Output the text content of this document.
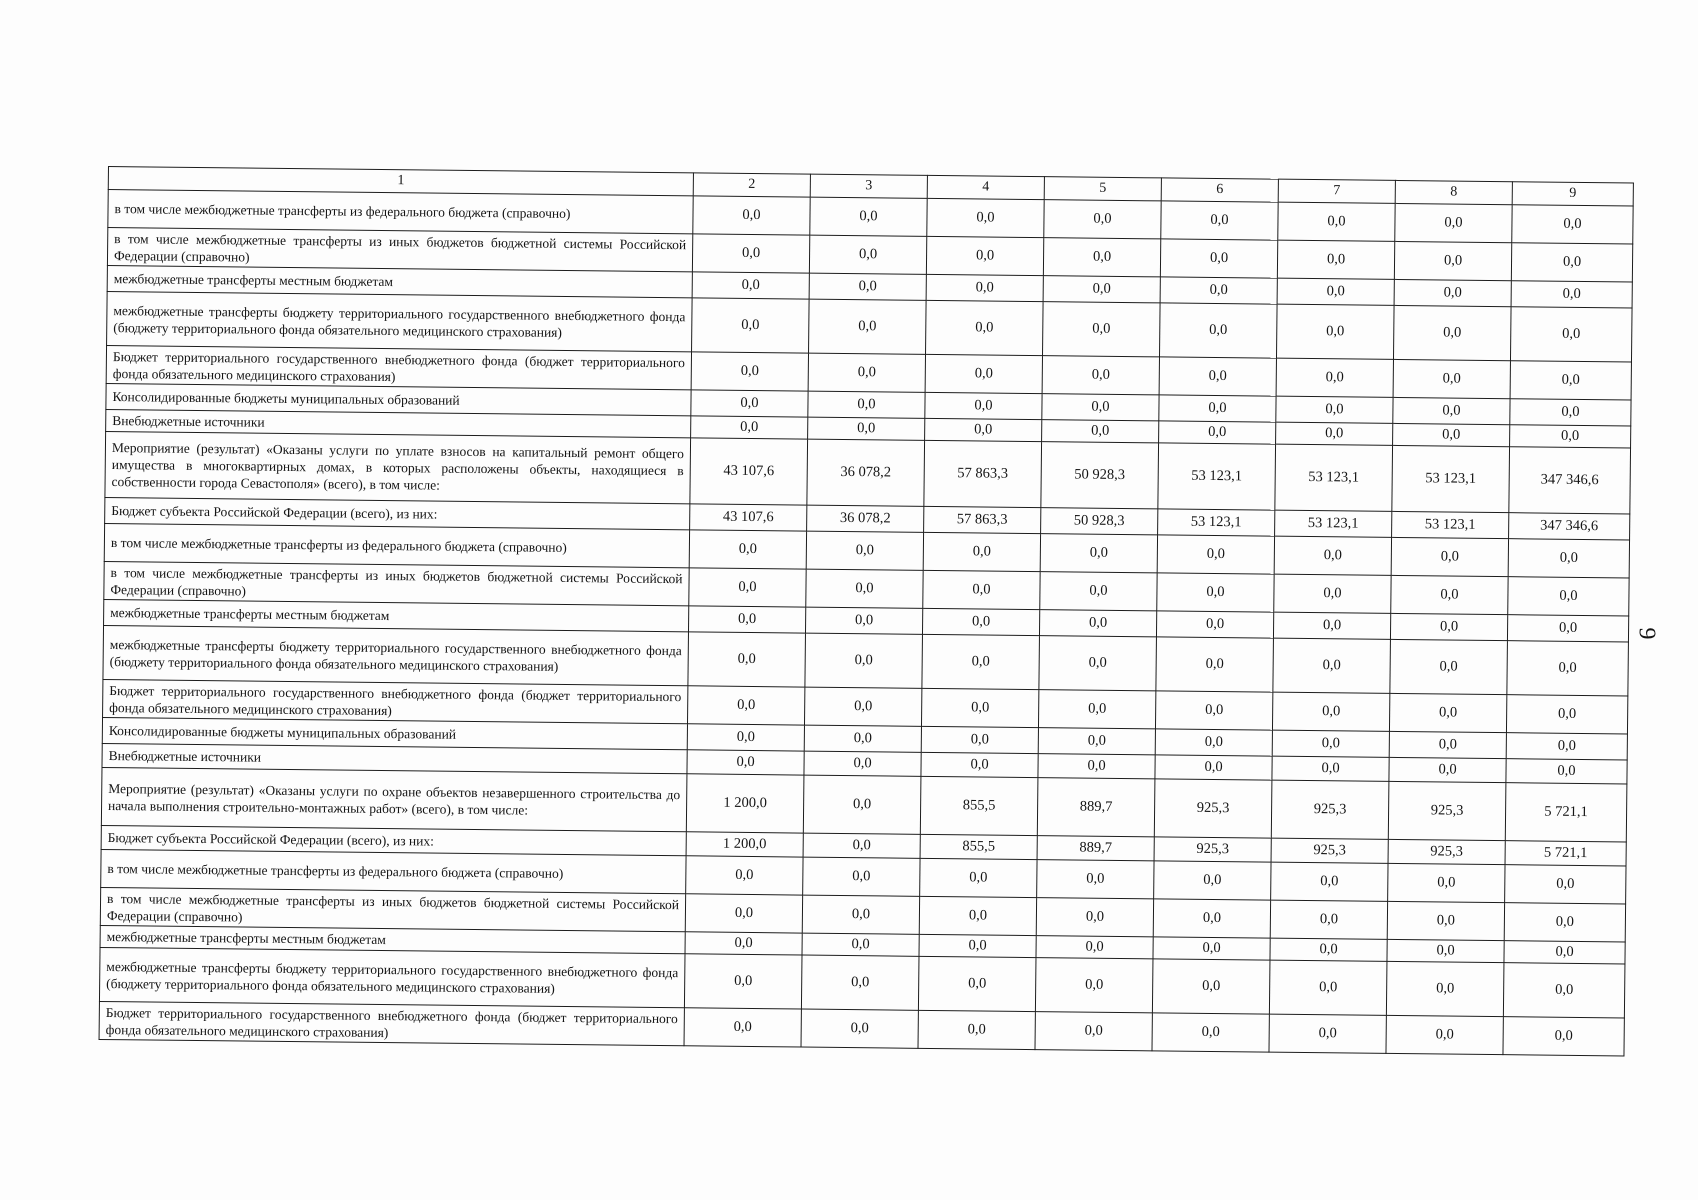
1	2	3	4	5	6	7	8	9
в том числе межбюджетные трансферты из федерального бюджета (справочно)	0,0	0,0	0,0	0,0	0,0	0,0	0,0	0,0
в том числе межбюджетные трансферты из иных бюджетов бюджетной системы Российской Федерации (справочно)	0,0	0,0	0,0	0,0	0,0	0,0	0,0	0,0
межбюджетные трансферты местным бюджетам	0,0	0,0	0,0	0,0	0,0	0,0	0,0	0,0
межбюджетные трансферты бюджету территориального государственного внебюджетного фонда (бюджету территориального фонда обязательного медицинского страхования)	0,0	0,0	0,0	0,0	0,0	0,0	0,0	0,0
Бюджет территориального государственного внебюджетного фонда (бюджет территориального фонда обязательного медицинского страхования)	0,0	0,0	0,0	0,0	0,0	0,0	0,0	0,0
Консолидированные бюджеты муниципальных образований	0,0	0,0	0,0	0,0	0,0	0,0	0,0	0,0
Внебюджетные источники	0,0	0,0	0,0	0,0	0,0	0,0	0,0	0,0
Мероприятие (результат) «Оказаны услуги по уплате взносов на капитальный ремонт общего имущества в многоквартирных домах, в которых расположены объекты, находящиеся в собственности города Севастополя» (всего), в том числе:	43 107,6	36 078,2	57 863,3	50 928,3	53 123,1	53 123,1	53 123,1	347 346,6
Бюджет субъекта Российской Федерации (всего), из них:	43 107,6	36 078,2	57 863,3	50 928,3	53 123,1	53 123,1	53 123,1	347 346,6
в том числе межбюджетные трансферты из федерального бюджета (справочно)	0,0	0,0	0,0	0,0	0,0	0,0	0,0	0,0
в том числе межбюджетные трансферты из иных бюджетов бюджетной системы Российской Федерации (справочно)	0,0	0,0	0,0	0,0	0,0	0,0	0,0	0,0
межбюджетные трансферты местным бюджетам	0,0	0,0	0,0	0,0	0,0	0,0	0,0	0,0
межбюджетные трансферты бюджету территориального государственного внебюджетного фонда (бюджету территориального фонда обязательного медицинского страхования)	0,0	0,0	0,0	0,0	0,0	0,0	0,0	0,0
Бюджет территориального государственного внебюджетного фонда (бюджет территориального фонда обязательного медицинского страхования)	0,0	0,0	0,0	0,0	0,0	0,0	0,0	0,0
Консолидированные бюджеты муниципальных образований	0,0	0,0	0,0	0,0	0,0	0,0	0,0	0,0
Внебюджетные источники	0,0	0,0	0,0	0,0	0,0	0,0	0,0	0,0
Мероприятие (результат) «Оказаны услуги по охране объектов незавершенного строительства до начала выполнения строительно-монтажных работ» (всего), в том числе:	1 200,0	0,0	855,5	889,7	925,3	925,3	925,3	5 721,1
Бюджет субъекта Российской Федерации (всего), из них:	1 200,0	0,0	855,5	889,7	925,3	925,3	925,3	5 721,1
в том числе межбюджетные трансферты из федерального бюджета (справочно)	0,0	0,0	0,0	0,0	0,0	0,0	0,0	0,0
в том числе межбюджетные трансферты из иных бюджетов бюджетной системы Российской Федерации (справочно)	0,0	0,0	0,0	0,0	0,0	0,0	0,0	0,0
межбюджетные трансферты местным бюджетам	0,0	0,0	0,0	0,0	0,0	0,0	0,0	0,0
межбюджетные трансферты бюджету территориального государственного внебюджетного фонда (бюджету территориального фонда обязательного медицинского страхования)	0,0	0,0	0,0	0,0	0,0	0,0	0,0	0,0
Бюджет территориального государственного внебюджетного фонда (бюджет территориального фонда обязательного медицинского страхования)	0,0	0,0	0,0	0,0	0,0	0,0	0,0	0,0
9
